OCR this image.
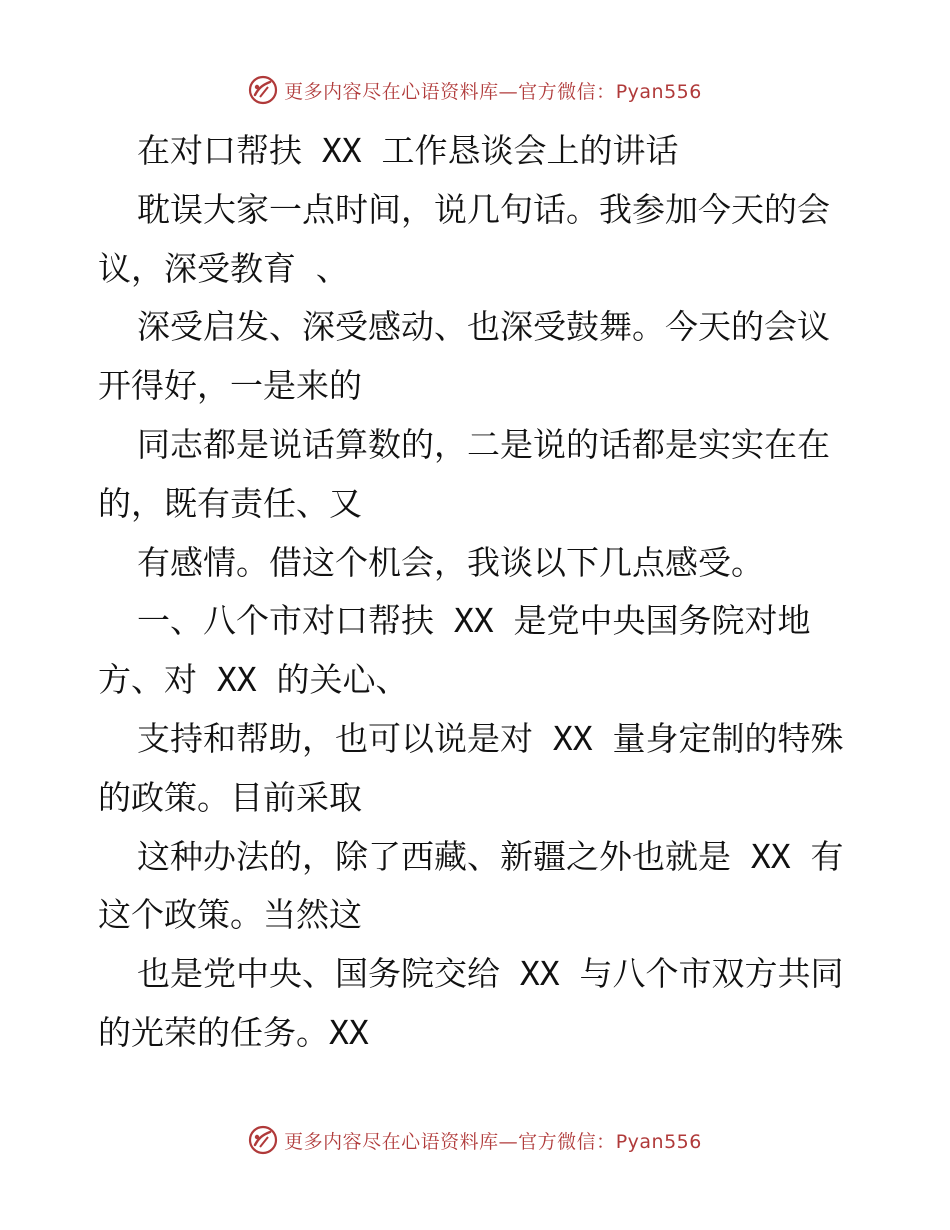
更多内容尽在心语资料库—官方微信：Pyan556
在对口帮扶 XX 工作恳谈会上的讲话
耽误大家一点时间，说几句话。我参加今天的会
议，深受教育 、
深受启发、深受感动、也深受鼓舞。今天的会议
开得好，一是来的
同志都是说话算数的，二是说的话都是实实在在
的，既有责任、又
有感情。借这个机会，我谈以下几点感受。
一、八个市对口帮扶 XX 是党中央国务院对地
方、对 XX 的关心、
支持和帮助，也可以说是对 XX 量身定制的特殊
的政策。目前采取
这种办法的，除了西藏、新疆之外也就是 XX 有
这个政策。当然这
也是党中央、国务院交给 XX 与八个市双方共同
的光荣的任务。XX
更多内容尽在心语资料库—官方微信：Pyan556
